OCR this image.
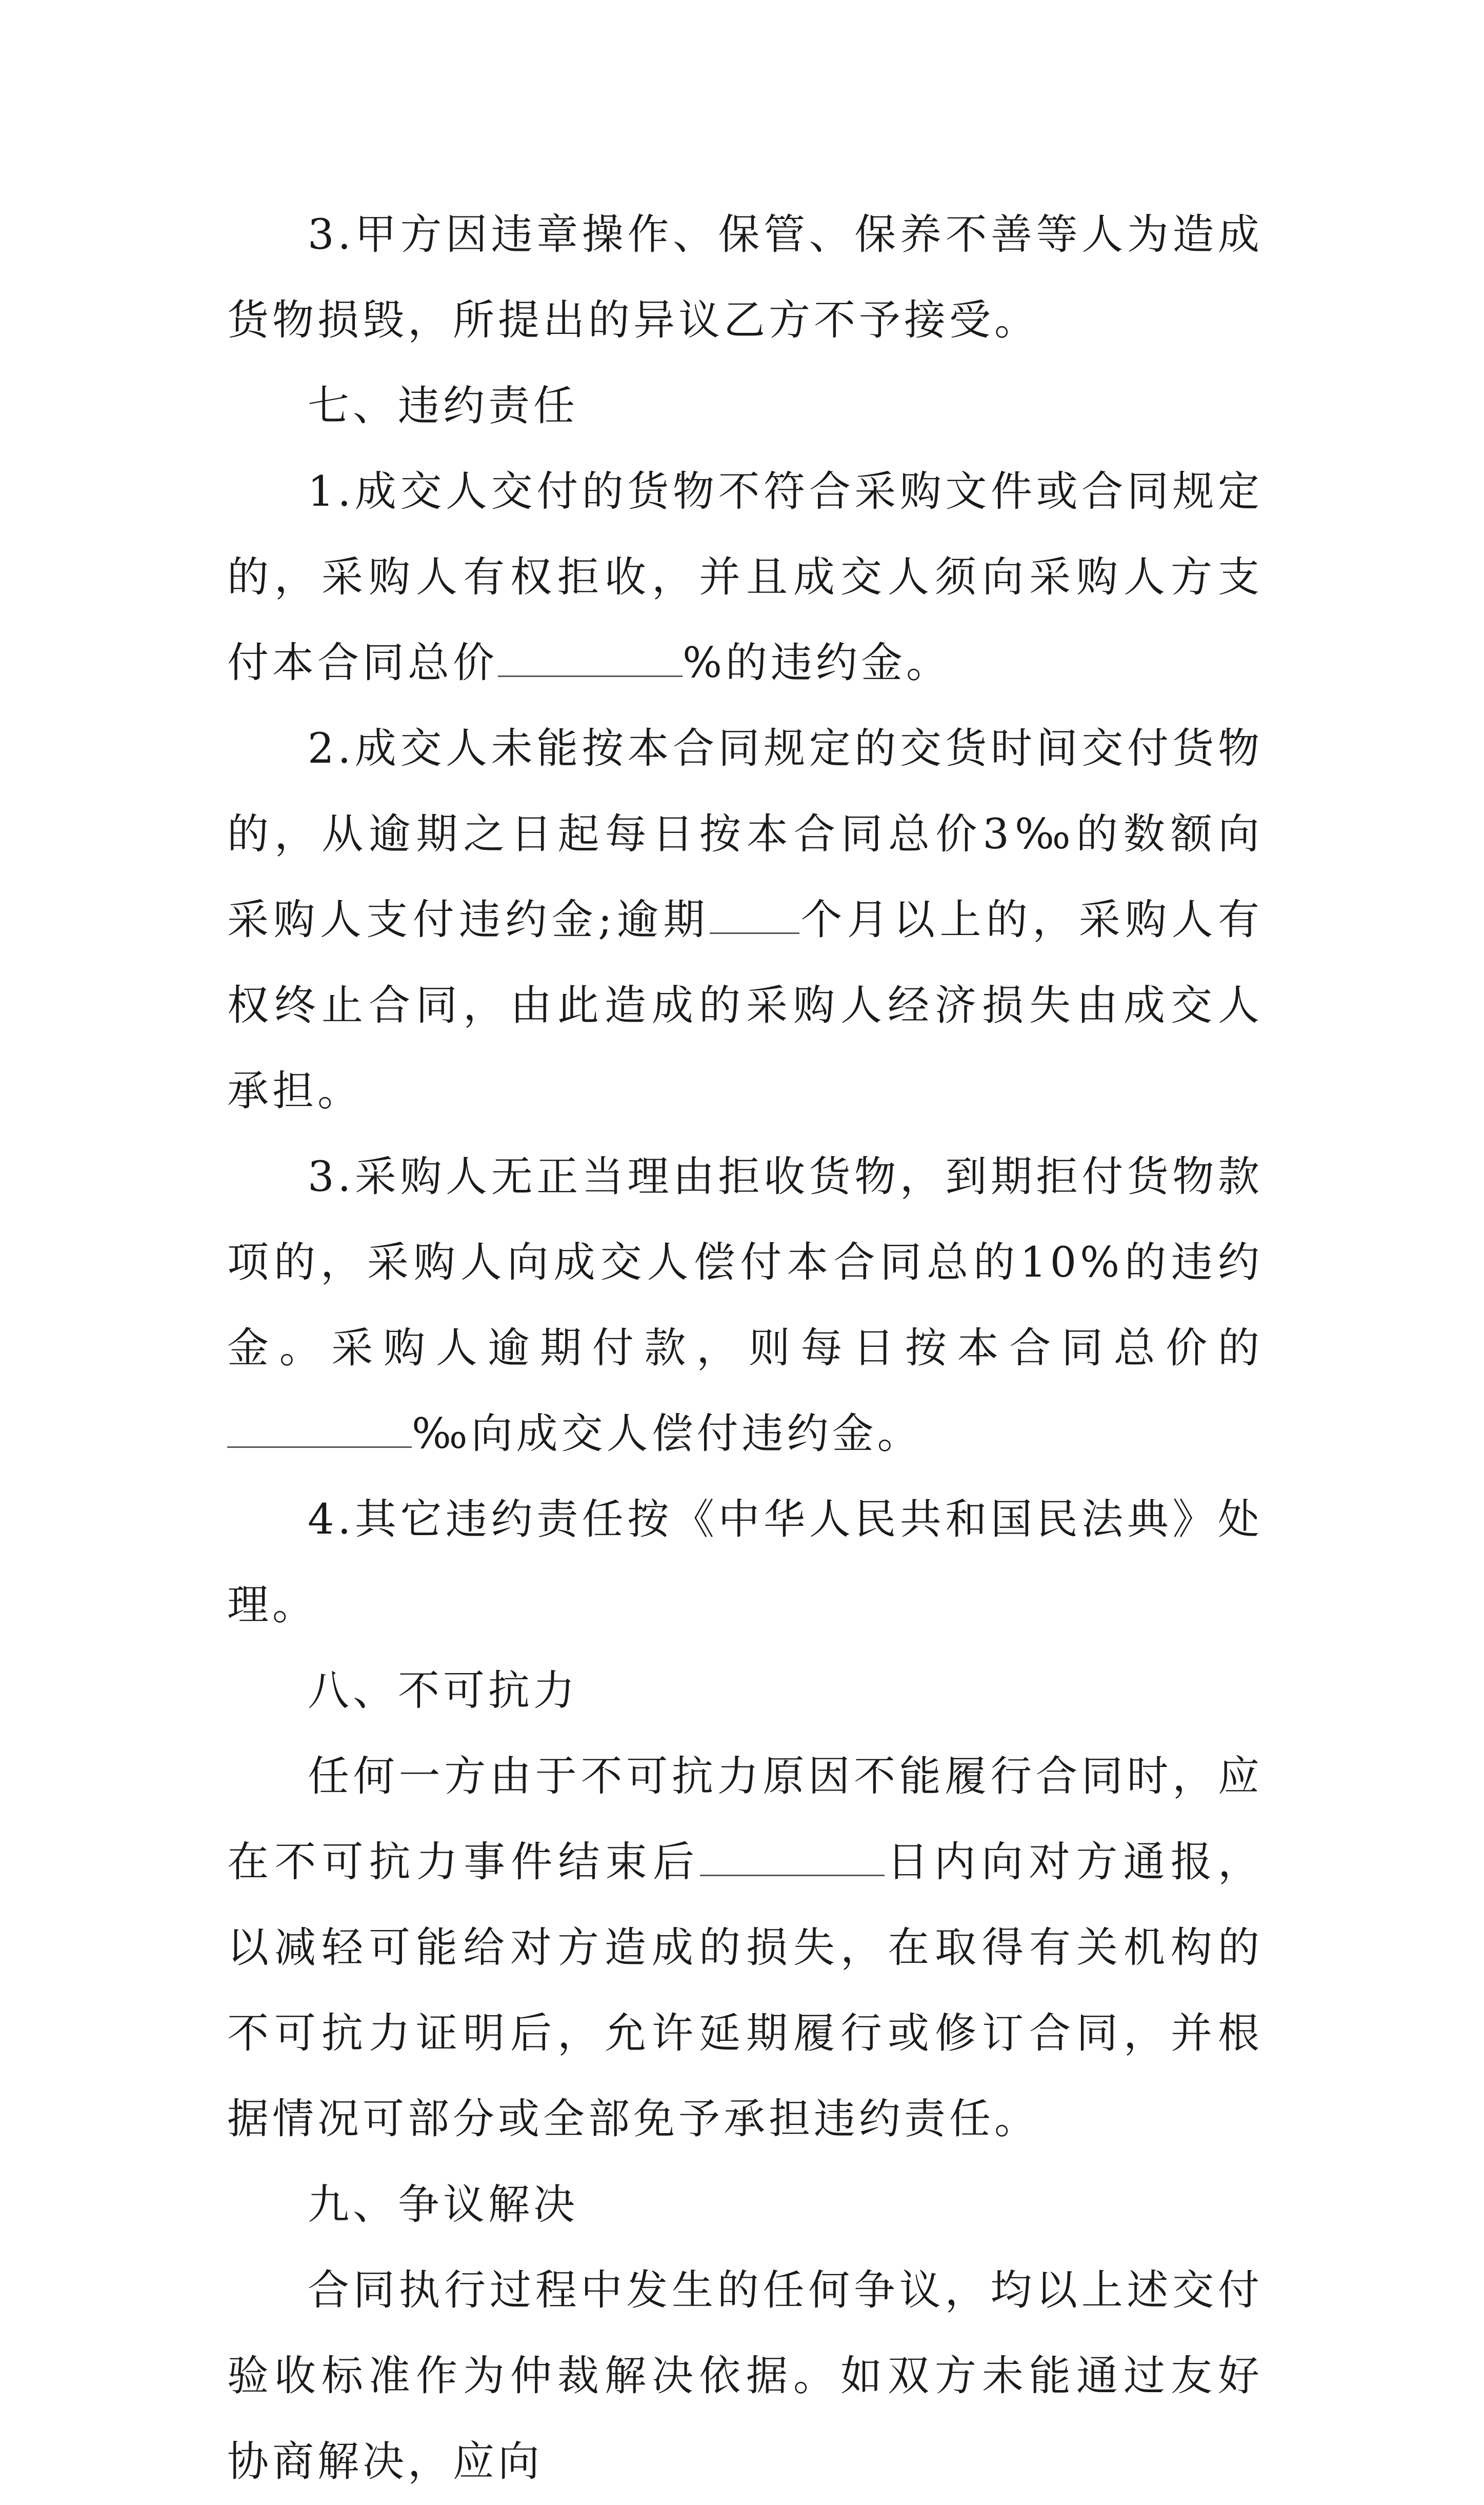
3.甲方因违章操作、保管、保养不善等人为造成货物损毁，所提出的异议乙方不予接受。

七、违约责任

1.成交人交付的货物不符合采购文件或合同规定的，采购人有权拒收，并且成交人须向采购人方支付本合同总价	%的违约金。

2.成交人未能按本合同规定的交货时间交付货物的，从逾期之日起每日按本合同总价3‰的数额向采购人支付违约金;逾期 个月以上的，采购人有权终止合同，由此造成的采购人经济损失由成交人承担。

3.采购人无正当理由拒收货物，到期拒付货物款项的，采购人向成交人偿付本合同总的10%的违约金。采购人逾期付款，则每日按本合同总价的‰向成交人偿付违约金。

4.其它违约责任按《中华人民共和国民法典》处理。

八、不可抗力

任何一方由于不可抗力原因不能履行合同时，应在不可抗力事件结束后	日内向对方通报，以减轻可能给对方造成的损失，在取得有关机构的不可抗力证明后，允许延期履行或修订合同，并根据情况可部分或全部免予承担违约责任。

九、争议解决

合同执行过程中发生的任何争议，均以上述交付验收标准作为仲裁解决依据。如双方未能通过友好协商解决，应向
